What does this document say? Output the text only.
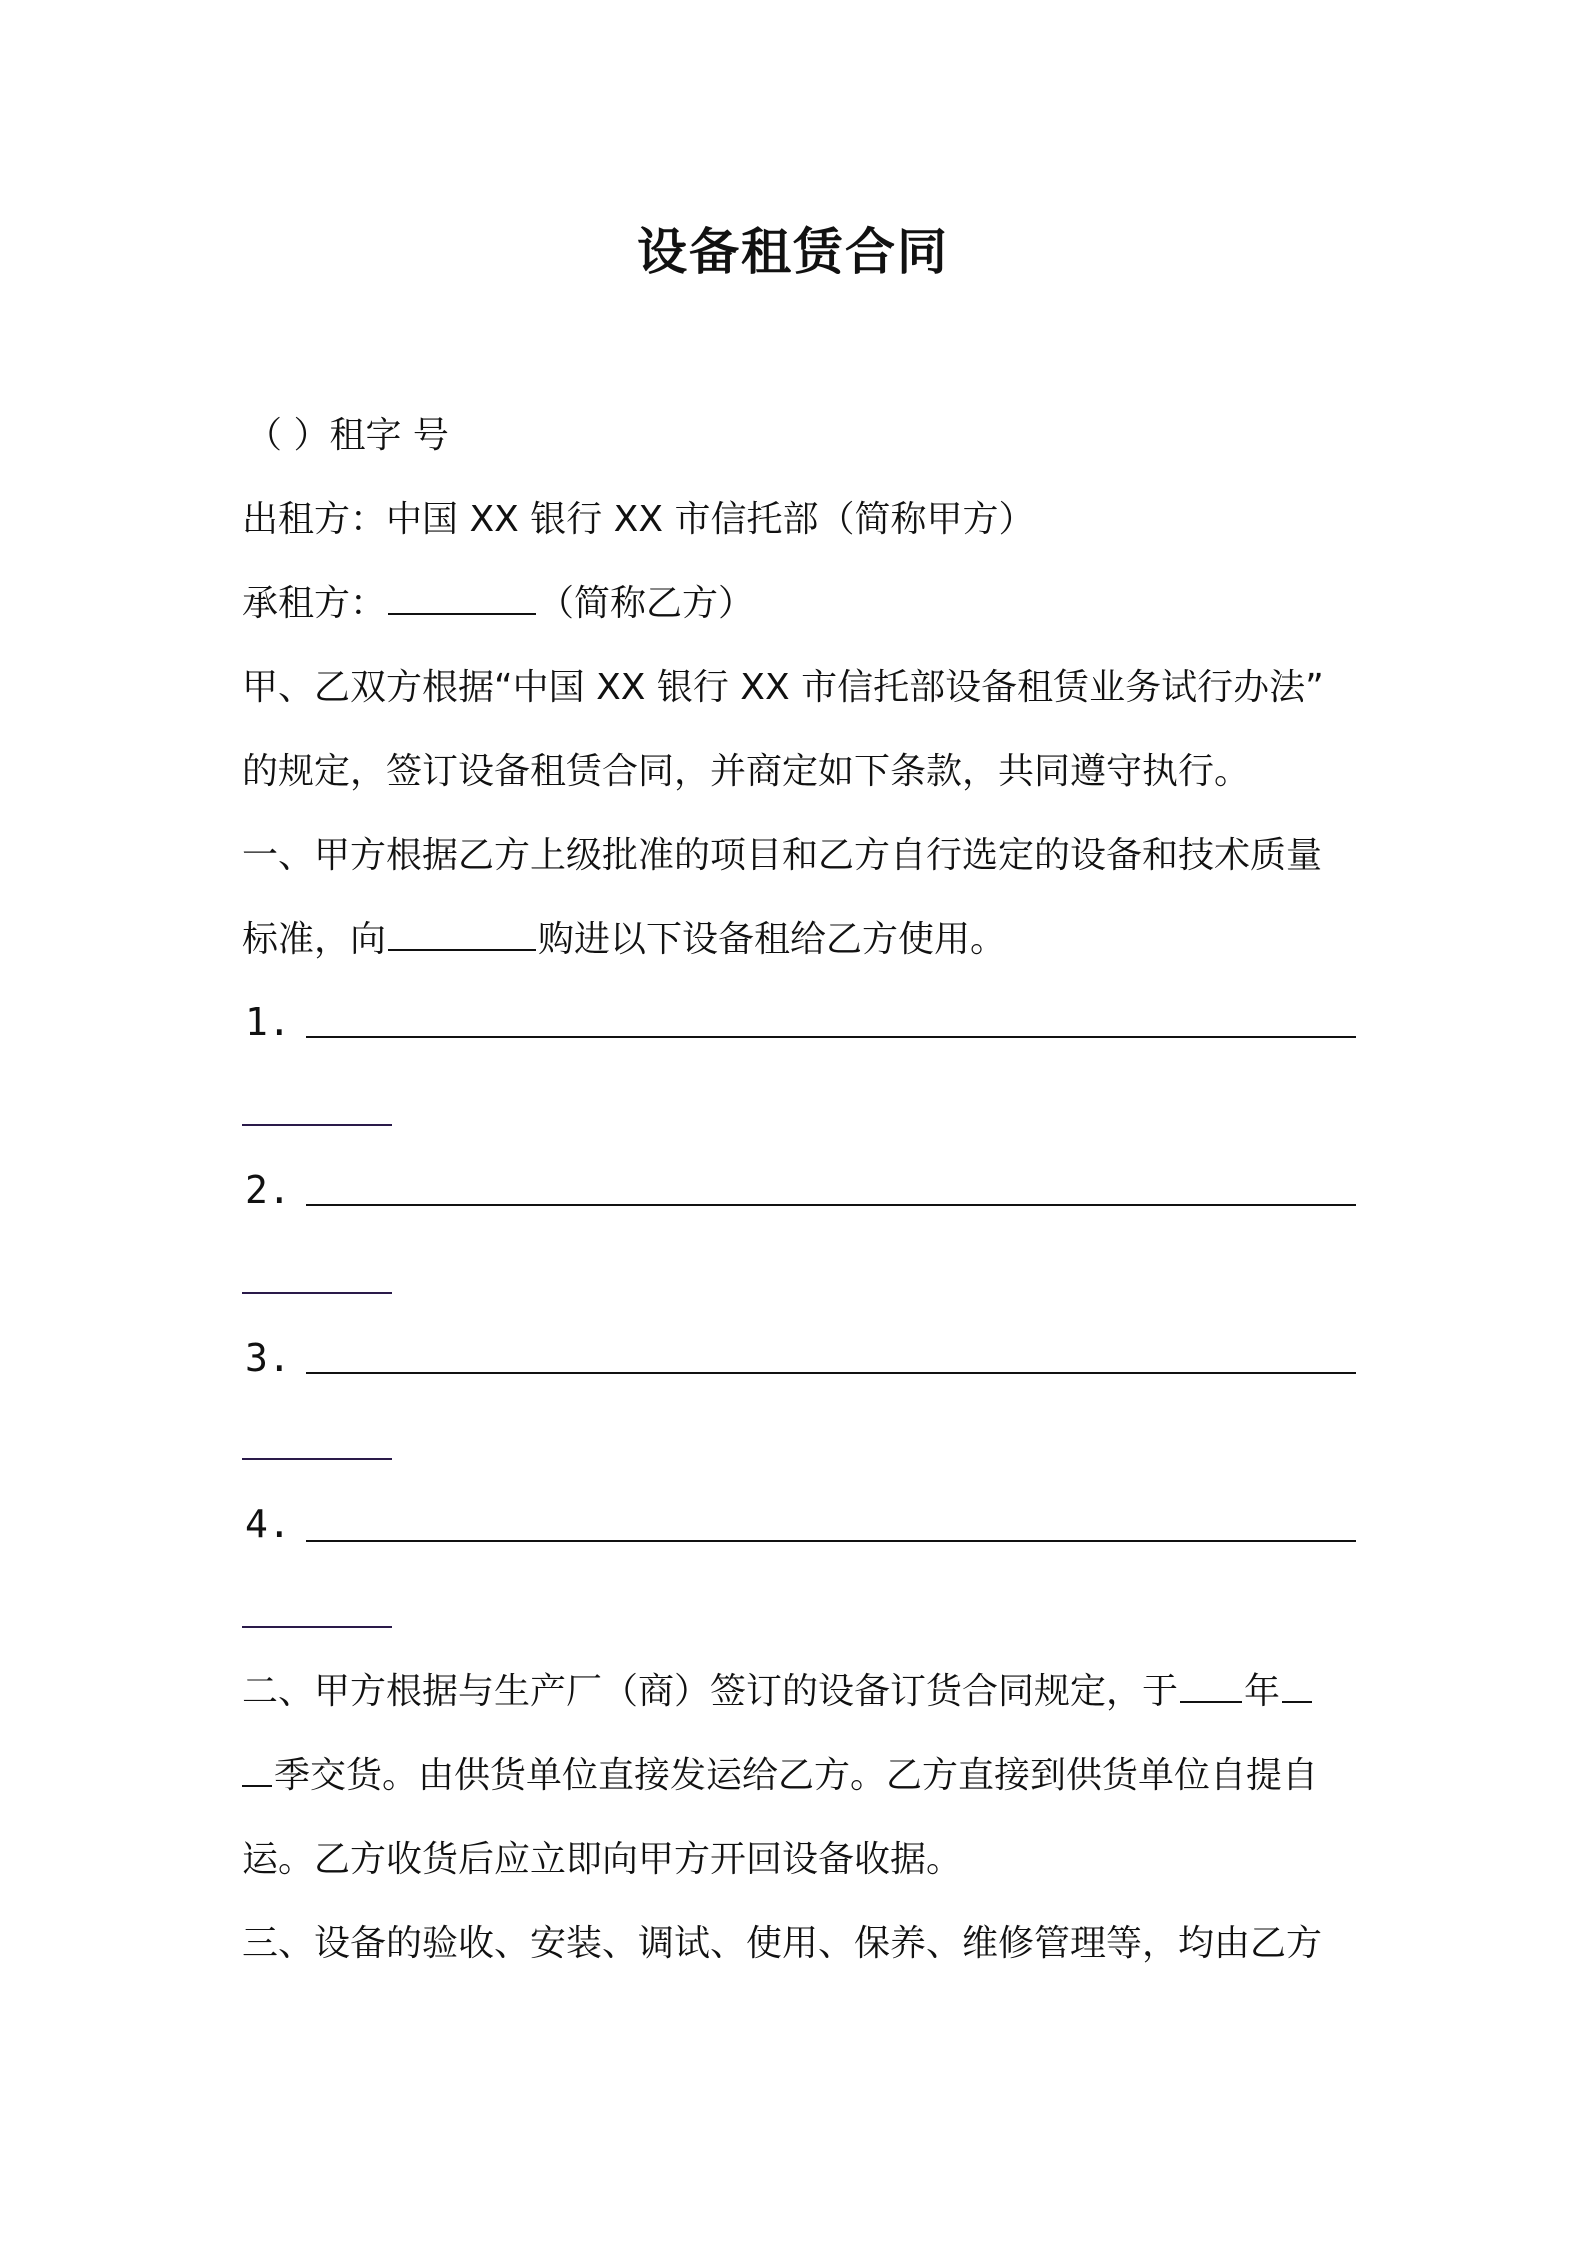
设备租赁合同
（ ）租字 号
出租方：中国 XX 银行 XX 市信托部（简称甲方）
承租方：	（简称乙方）
甲、乙双方根据“中国 XX 银行 XX 市信托部设备租赁业务试行办法”
的规定，签订设备租赁合同，并商定如下条款，共同遵守执行。
一、甲方根据乙方上级批准的项目和乙方自行选定的设备和技术质量
标准，向	购进以下设备租给乙方使用。
1.
2.
3.
4.
二、甲方根据与生产厂（商）签订的设备订货合同规定，于 年
季交货。由供货单位直接发运给乙方。乙方直接到供货单位自提自
运。乙方收货后应立即向甲方开回设备收据。
三、设备的验收、安装、调试、使用、保养、维修管理等，均由乙方
